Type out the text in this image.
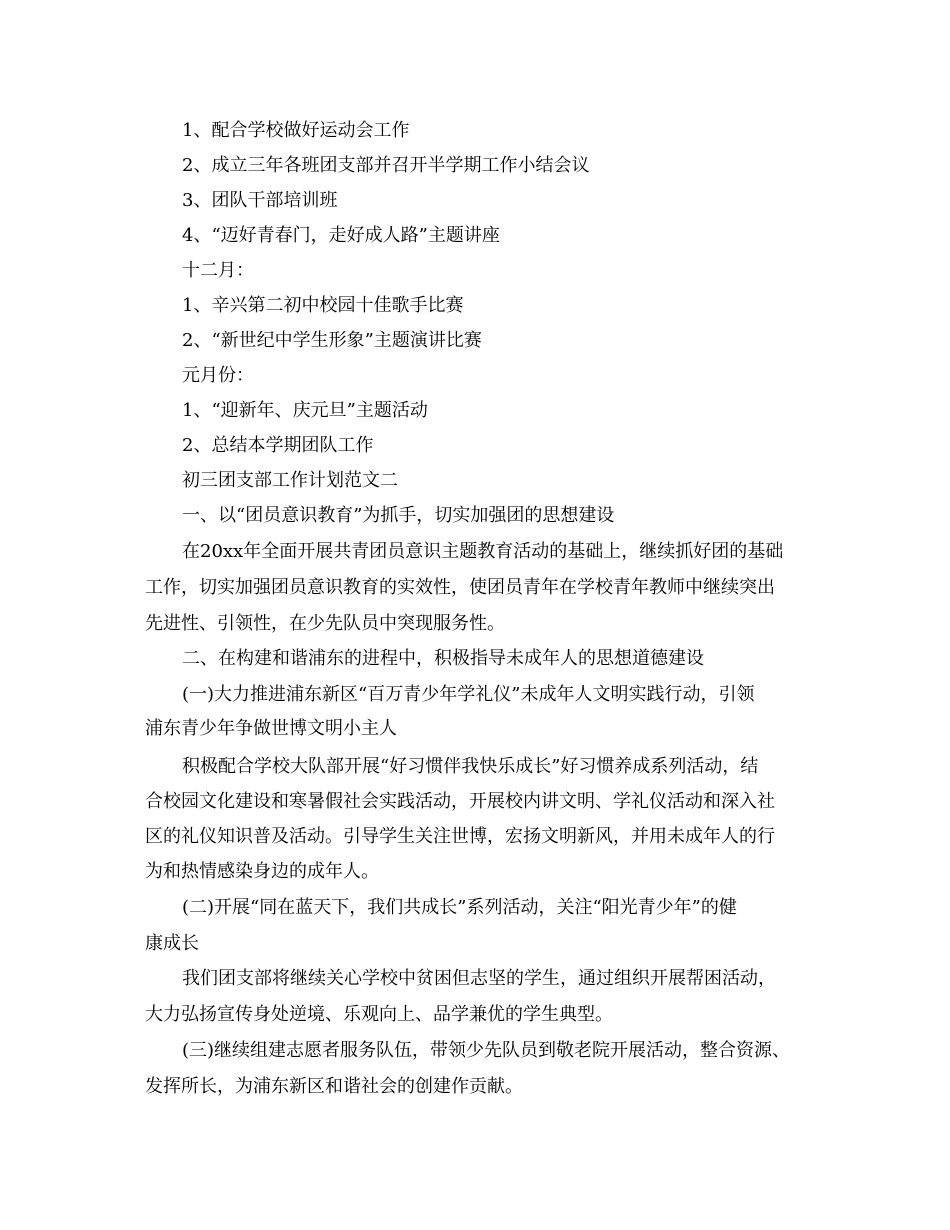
1、配合学校做好运动会工作
2、成立三年各班团支部并召开半学期工作小结会议
3、团队干部培训班
4、“迈好青春门，走好成人路”主题讲座
十二月：
1、辛兴第二初中校园十佳歌手比赛
2、“新世纪中学生形象”主题演讲比赛
元月份：
1、“迎新年、庆元旦”主题活动
2、总结本学期团队工作
初三团支部工作计划范文二
一、以“团员意识教育”为抓手，切实加强团的思想建设
在20xx年全面开展共青团员意识主题教育活动的基础上，继续抓好团的基础
工作，切实加强团员意识教育的实效性，使团员青年在学校青年教师中继续突出
先进性、引领性，在少先队员中突现服务性。
二、在构建和谐浦东的进程中，积极指导未成年人的思想道德建设
(一)大力推进浦东新区“百万青少年学礼仪”未成年人文明实践行动，引领
浦东青少年争做世博文明小主人
积极配合学校大队部开展“好习惯伴我快乐成长”好习惯养成系列活动，结
合校园文化建设和寒暑假社会实践活动，开展校内讲文明、学礼仪活动和深入社
区的礼仪知识普及活动。引导学生关注世博，宏扬文明新风，并用未成年人的行
为和热情感染身边的成年人。
(二)开展“同在蓝天下，我们共成长”系列活动，关注“阳光青少年”的健
康成长
我们团支部将继续关心学校中贫困但志坚的学生，通过组织开展帮困活动，
大力弘扬宣传身处逆境、乐观向上、品学兼优的学生典型。
(三)继续组建志愿者服务队伍，带领少先队员到敬老院开展活动，整合资源、
发挥所长，为浦东新区和谐社会的创建作贡献。
